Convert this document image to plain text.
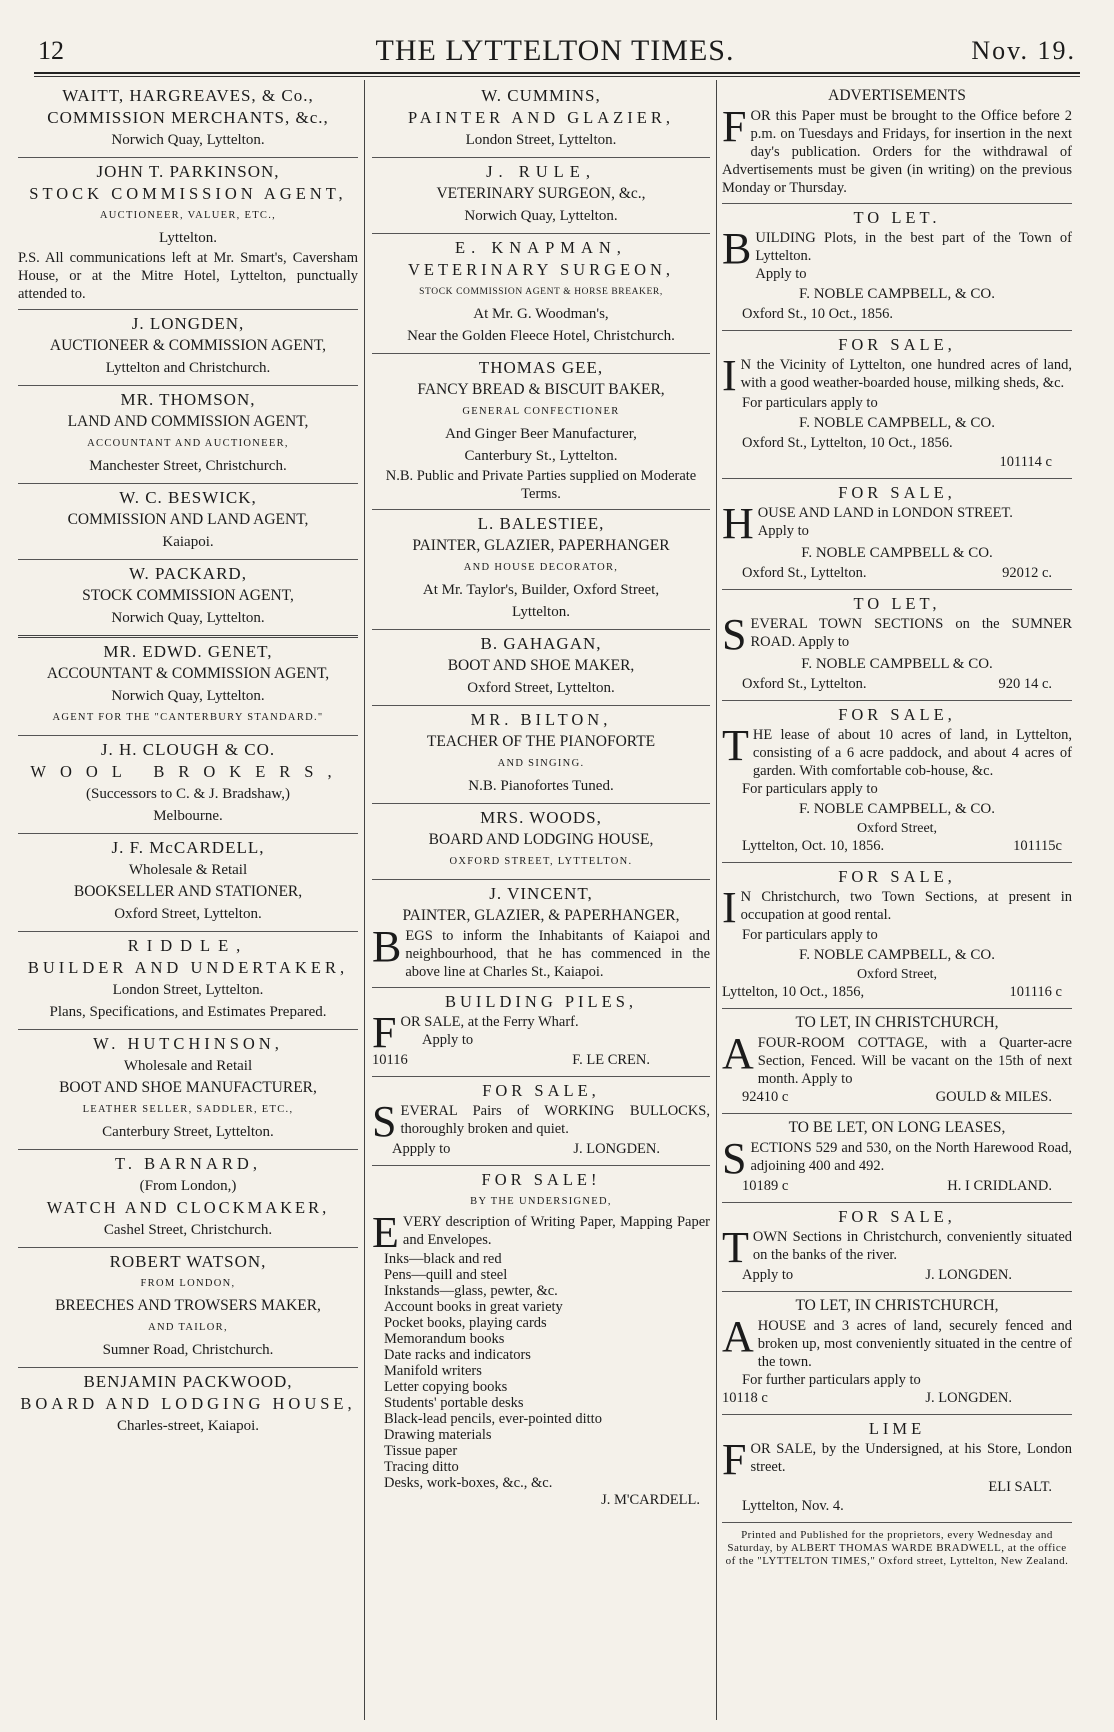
12	THE LYTTELTON TIMES.	Nov. 19.
WAITT, HARGREAVES, & Co.,
COMMISSION MERCHANTS, &c.,
Norwich Quay, Lyttelton.
JOHN T. PARKINSON,
STOCK COMMISSION AGENT,
AUCTIONEER, VALUER, ETC.,
Lyttelton.
P.S. All communications left at Mr. Smart's, Caversham House, or at the Mitre Hotel, Lyttelton, punctually attended to.
J. LONGDEN,
AUCTIONEER & COMMISSION AGENT,
Lyttelton and Christchurch.
MR. THOMSON,
LAND AND COMMISSION AGENT,
ACCOUNTANT AND AUCTIONEER,
Manchester Street, Christchurch.
W. C. BESWICK,
COMMISSION AND LAND AGENT,
Kaiapoi.
W. PACKARD,
STOCK COMMISSION AGENT,
Norwich Quay, Lyttelton.
MR. EDWD. GENET,
ACCOUNTANT & COMMISSION AGENT,
Norwich Quay, Lyttelton.
AGENT FOR THE "CANTERBURY STANDARD."
J. H. CLOUGH & CO.
WOOL BROKERS,
(Successors to C. & J. Bradshaw,)
Melbourne.
J. F. McCARDELL,
Wholesale & Retail
BOOKSELLER AND STATIONER,
Oxford Street, Lyttelton.
RIDDLE,
BUILDER AND UNDERTAKER,
London Street, Lyttelton.
Plans, Specifications, and Estimates Prepared.
W. HUTCHINSON,
Wholesale and Retail
BOOT AND SHOE MANUFACTURER,
LEATHER SELLER, SADDLER, ETC.,
Canterbury Street, Lyttelton.
T. BARNARD,
(From London,)
WATCH AND CLOCKMAKER,
Cashel Street, Christchurch.
ROBERT WATSON,
FROM LONDON,
BREECHES AND TROWSERS MAKER,
AND TAILOR,
Sumner Road, Christchurch.
BENJAMIN PACKWOOD,
BOARD AND LODGING HOUSE,
Charles-street, Kaiapoi.
W. CUMMINS,
PAINTER AND GLAZIER,
London Street, Lyttelton.
J. RULE,
VETERINARY SURGEON, &c.,
Norwich Quay, Lyttelton.
E. KNAPMAN,
VETERINARY SURGEON,
STOCK COMMISSION AGENT & HORSE BREAKER,
At Mr. G. Woodman's,
Near the Golden Fleece Hotel, Christchurch.
THOMAS GEE,
FANCY BREAD & BISCUIT BAKER,
GENERAL CONFECTIONER
And Ginger Beer Manufacturer,
Canterbury St., Lyttelton.
N.B. Public and Private Parties supplied on Moderate Terms.
L. BALESTIEE,
PAINTER, GLAZIER, PAPERHANGER
AND HOUSE DECORATOR,
At Mr. Taylor's, Builder, Oxford Street,
Lyttelton.
B. GAHAGAN,
BOOT AND SHOE MAKER,
Oxford Street, Lyttelton.
MR. BILTON,
TEACHER OF THE PIANOFORTE
AND SINGING.
N.B. Pianofortes Tuned.
MRS. WOODS,
BOARD AND LODGING HOUSE,
OXFORD STREET, LYTTELTON.
J. VINCENT,
PAINTER, GLAZIER, & PAPERHANGER,
BEGS to inform the Inhabitants of Kaiapoi and neighbourhood, that he has commenced in the above line at Charles St., Kaiapoi.
BUILDING PILES,
FOR SALE, at the Ferry Wharf.
Apply to
10116	F. LE CREN.
FOR SALE,
SEVERAL Pairs of WORKING BULLOCKS, thoroughly broken and quiet.
Appply to	J. LONGDEN.
FOR SALE!
BY THE UNDERSIGNED,
EVERY description of Writing Paper, Mapping Paper and Envelopes.
Inks—black and red
Pens—quill and steel
Inkstands—glass, pewter, &c.
Account books in great variety
Pocket books, playing cards
Memorandum books
Date racks and indicators
Manifold writers
Letter copying books
Students' portable desks
Black-lead pencils, ever-pointed ditto
Drawing materials
Tissue paper
Tracing ditto
Desks, work-boxes, &c., &c.
J. M'CARDELL.
ADVERTISEMENTS
FOR this Paper must be brought to the Office before 2 p.m. on Tuesdays and Fridays, for insertion in the next day's publication. Orders for the withdrawal of Advertisements must be given (in writing) on the previous Monday or Thursday.
TO LET.
BUILDING Plots, in the best part of the Town of Lyttelton.
Apply to
F. NOBLE CAMPBELL, & CO.
Oxford St., 10 Oct., 1856.
FOR SALE,
I N the Vicinity of Lyttelton, one hundred acres of land, with a good weather-boarded house, milking sheds, &c.
For particulars apply to
F. NOBLE CAMPBELL, & CO.
Oxford St., Lyttelton, 10 Oct., 1856.
101114 c
FOR SALE,
HOUSE AND LAND in LONDON STREET.
Apply to
F. NOBLE CAMPBELL & CO.
Oxford St., Lyttelton.	92012 c.
TO LET,
SEVERAL TOWN SECTIONS on the SUMNER ROAD. Apply to
F. NOBLE CAMPBELL & CO.
Oxford St., Lyttelton.	920 14 c.
FOR SALE,
THE lease of about 10 acres of land, in Lyttelton, consisting of a 6 acre paddock, and about 4 acres of garden. With comfortable cob-house, &c.
For particulars apply to
F. NOBLE CAMPBELL, & CO.
Oxford Street,
Lyttelton, Oct. 10, 1856.	101115c
FOR SALE,
I N Christchurch, two Town Sections, at present in occupation at good rental.
For particulars apply to
F. NOBLE CAMPBELL, & CO.
Oxford Street,
Lyttelton, 10 Oct., 1856,	101116 c
TO LET, IN CHRISTCHURCH,
AFOUR-ROOM COTTAGE, with a Quarter-acre Section, Fenced. Will be vacant on the 15th of next month. Apply to
92410 c	GOULD & MILES.
TO BE LET, ON LONG LEASES,
SECTIONS 529 and 530, on the North Harewood Road, adjoining 400 and 492.
10189 c	H. I CRIDLAND.
FOR SALE,
TOWN Sections in Christchurch, conveniently situated on the banks of the river.
Apply to	J. LONGDEN.
TO LET, IN CHRISTCHURCH,
AHOUSE and 3 acres of land, securely fenced and broken up, most conveniently situated in the centre of the town.
For further particulars apply to
10118 c	J. LONGDEN.
LIME
FOR SALE, by the Undersigned, at his Store, London street.
ELI SALT.
Lyttelton, Nov. 4.
Printed and Published for the proprietors, every Wednesday and Saturday, by ALBERT THOMAS WARDE BRADWELL, at the office of the "LYTTELTON TIMES," Oxford street, Lyttelton, New Zealand.
